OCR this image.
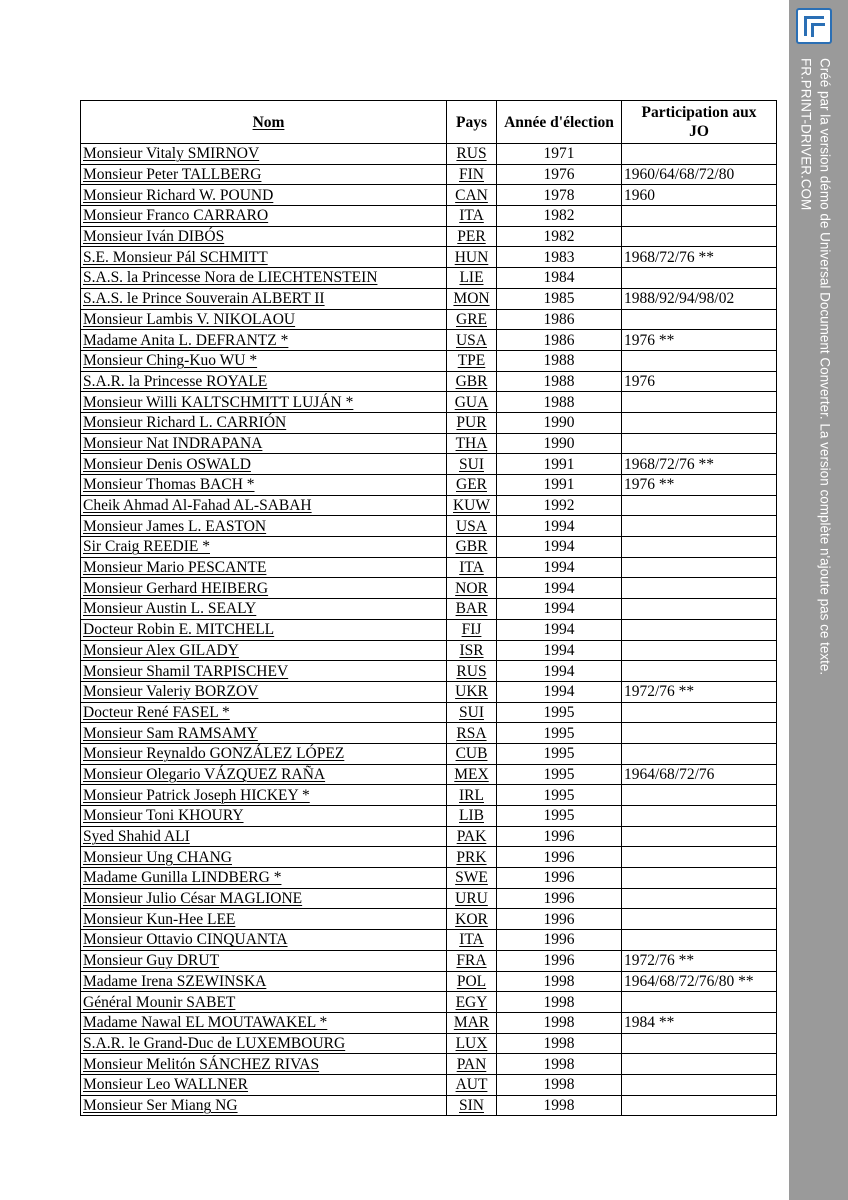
Créé par la version démo de Universal Document Converter. La version complète n'ajoute pas ce texte.
FR.PRINT-DRIVER.COM
Nom	Pays	Année d'élection	Participation aux
JO

Monsieur Vitaly SMIRNOV	RUS	1971	
Monsieur Peter TALLBERG	FIN	1976	1960/64/68/72/80
Monsieur Richard W. POUND	CAN	1978	1960
Monsieur Franco CARRARO	ITA	1982	
Monsieur Iván DIBÓS	PER	1982	
S.E. Monsieur Pál SCHMITT	HUN	1983	1968/72/76 **
S.A.S. la Princesse Nora de LIECHTENSTEIN	LIE	1984	
S.A.S. le Prince Souverain ALBERT II	MON	1985	1988/92/94/98/02
Monsieur Lambis V. NIKOLAOU	GRE	1986	
Madame Anita L. DEFRANTZ *	USA	1986	1976 **
Monsieur Ching-Kuo WU *	TPE	1988	
S.A.R. la Princesse ROYALE	GBR	1988	1976
Monsieur Willi KALTSCHMITT LUJÁN *	GUA	1988	
Monsieur Richard L. CARRIÓN	PUR	1990	
Monsieur Nat INDRAPANA	THA	1990	
Monsieur Denis OSWALD	SUI	1991	1968/72/76 **
Monsieur Thomas BACH *	GER	1991	1976 **
Cheik Ahmad Al-Fahad AL-SABAH	KUW	1992	
Monsieur James L. EASTON	USA	1994	
Sir Craig REEDIE *	GBR	1994	
Monsieur Mario PESCANTE	ITA	1994	
Monsieur Gerhard HEIBERG	NOR	1994	
Monsieur Austin L. SEALY	BAR	1994	
Docteur Robin E. MITCHELL	FIJ	1994	
Monsieur Alex GILADY	ISR	1994	
Monsieur Shamil TARPISCHEV	RUS	1994	
Monsieur Valeriy BORZOV	UKR	1994	1972/76 **
Docteur René FASEL *	SUI	1995	
Monsieur Sam RAMSAMY	RSA	1995	
Monsieur Reynaldo GONZÁLEZ LÓPEZ	CUB	1995	
Monsieur Olegario VÁZQUEZ RAÑA	MEX	1995	1964/68/72/76
Monsieur Patrick Joseph HICKEY *	IRL	1995	
Monsieur Toni KHOURY	LIB	1995	
Syed Shahid ALI	PAK	1996	
Monsieur Ung CHANG	PRK	1996	
Madame Gunilla LINDBERG *	SWE	1996	
Monsieur Julio César MAGLIONE	URU	1996	
Monsieur Kun-Hee LEE	KOR	1996	
Monsieur Ottavio CINQUANTA	ITA	1996	
Monsieur Guy DRUT	FRA	1996	1972/76 **
Madame Irena SZEWINSKA	POL	1998	1964/68/72/76/80 **
Général Mounir SABET	EGY	1998	
Madame Nawal EL MOUTAWAKEL *	MAR	1998	1984 **
S.A.R. le Grand-Duc de LUXEMBOURG	LUX	1998	
Monsieur Melitón SÁNCHEZ RIVAS	PAN	1998	
Monsieur Leo WALLNER	AUT	1998	
Monsieur Ser Miang NG	SIN	1998	
